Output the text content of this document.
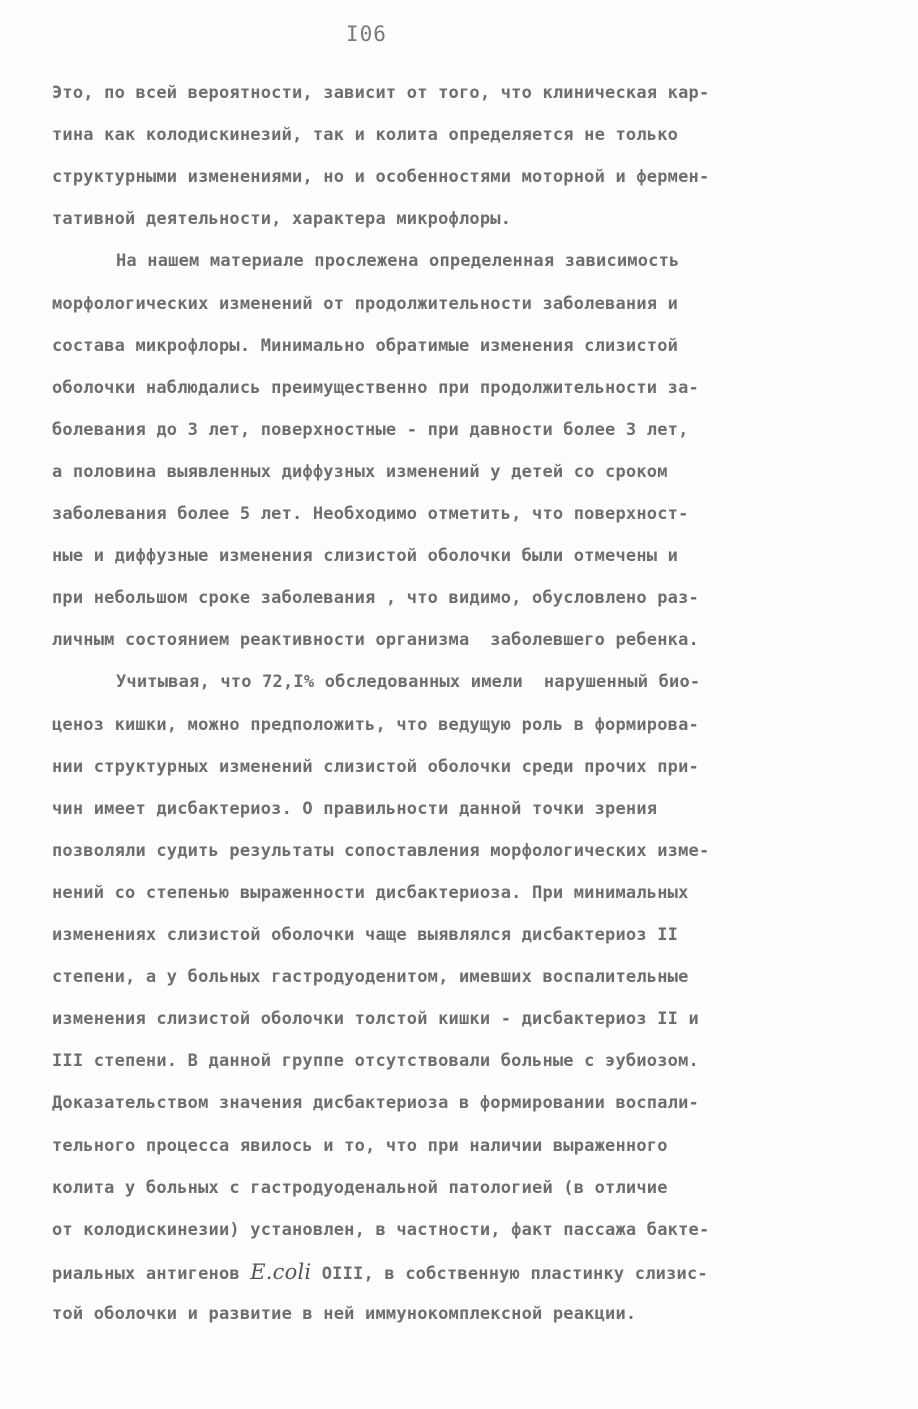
I06
Это, по всей вероятности, зависит от того, что клиническая кар-
тина как колодискинезий, так и колита определяется не только
структурными изменениями, но и особенностями моторной и фермен-
тативной деятельности, характера микрофлоры.
На нашем материале прослежена определенная зависимость
морфологических изменений от продолжительности заболевания и
состава микрофлоры. Минимально обратимые изменения слизистой
оболочки наблюдались преимущественно при продолжительности за-
болевания до 3 лет, поверхностные - при давности более 3 лет,
а половина выявленных диффузных изменений у детей со сроком
заболевания более 5 лет. Необходимо отметить, что поверхност-
ные и диффузные изменения слизистой оболочки были отмечены и
при небольшом сроке заболевания , что видимо, обусловлено раз-
личным состоянием реактивности организма  заболевшего ребенка.
Учитывая, что 72,I% обследованных имели  нарушенный био-
ценоз кишки, можно предположить, что ведущую роль в формирова-
нии структурных изменений слизистой оболочки среди прочих при-
чин имеет дисбактериоз. О правильности данной точки зрения
позволяли судить результаты сопоставления морфологических изме-
нений со степенью выраженности дисбактериоза. При минимальных
изменениях слизистой оболочки чаще выявлялся дисбактериоз II
степени, а у больных гастродуоденитом, имевших воспалительные
изменения слизистой оболочки толстой кишки - дисбактериоз II и
III степени. В данной группе отсутствовали больные с эубиозом.
Доказательством значения дисбактериоза в формировании воспали-
тельного процесса явилось и то, что при наличии выраженного
колита у больных с гастродуоденальной патологией (в отличие
от колодискинезии) установлен, в частности, факт пассажа бакте-
риальных антигенов E.coli OIII, в собственную пластинку слизис-
той оболочки и развитие в ней иммунокомплексной реакции.
